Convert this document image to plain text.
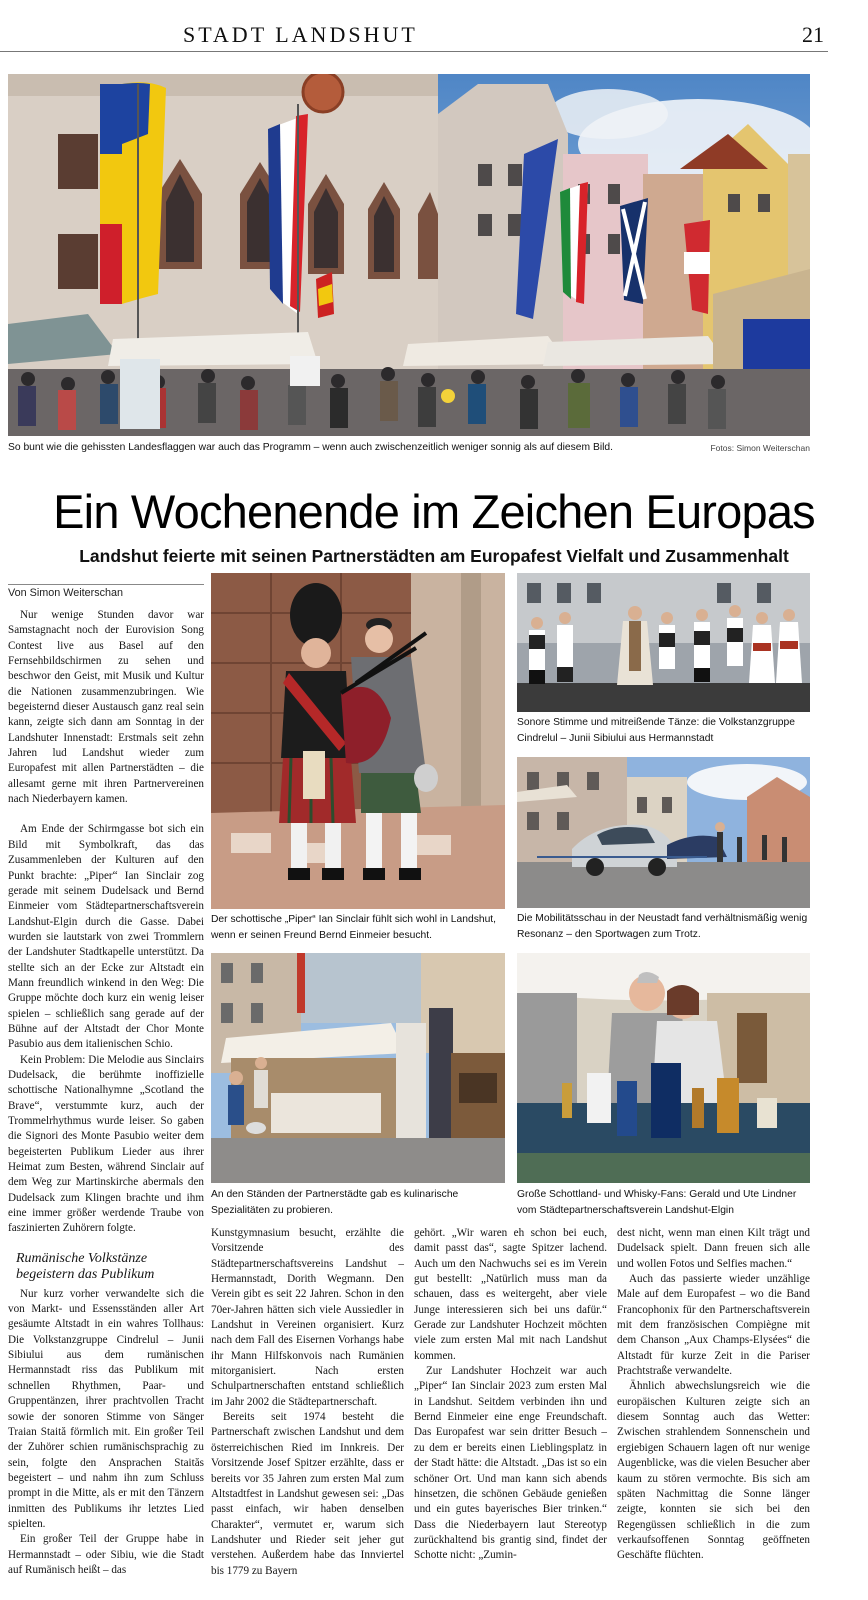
STADT LANDSHUT	21
So bunt wie die gehissten Landesflaggen war auch das Programm – wenn auch zwischenzeitlich weniger sonnig als auf diesem Bild.	Fotos: Simon Weiterschan
Ein Wochenende im Zeichen Europas
Landshut feierte mit seinen Partnerstädten am Europafest Vielfalt und Zusammenhalt
Von Simon Weiterschan

Nur wenige Stunden davor war Samstagnacht noch der Eurovision Song Contest live aus Basel auf den Fernsehbildschirmen zu sehen und beschwor den Geist, mit Musik und Kultur die Nationen zusammenzubringen. Wie begeisternd dieser Austausch ganz real sein kann, zeigte sich dann am Sonntag in der Landshuter Innenstadt: Erstmals seit zehn Jahren lud Landshut wieder zum Europafest mit allen Partnerstädten – die allesamt gerne mit ihren Partnervereinen nach Niederbayern kamen.

Am Ende der Schirmgasse bot sich ein Bild mit Symbolkraft, das das Zusammenleben der Kulturen auf den Punkt brachte: „Piper“ Ian Sinclair zog gerade mit seinem Dudelsack und Bernd Einmeier vom Städtepartnerschaftsverein Landshut-Elgin durch die Gasse. Dabei wurden sie lautstark von zwei Trommlern der Landshuter Stadtkapelle unterstützt. Da stellte sich an der Ecke zur Altstadt ein Mann freundlich winkend in den Weg: Die Gruppe möchte doch kurz ein wenig leiser spielen – schließlich sang gerade auf der Bühne auf der Altstadt der Chor Monte Pasubio aus dem italienischen Schio.

Kein Problem: Die Melodie aus Sinclairs Dudelsack, die berühmte inoffizielle schottische Nationalhymne „Scotland the Brave“, verstummte kurz, auch der Trommelrhythmus wurde leiser. So gaben die Signori des Monte Pasubio weiter dem begeisterten Publikum Lieder aus ihrer Heimat zum Besten, während Sinclair auf dem Weg zur Martinskirche abermals den Dudelsack zum Klingen brachte und ihm eine immer größer werdende Traube von faszinierten Zuhörern folgte.

Rumänische Volkstänze begeistern das Publikum

Nur kurz vorher verwandelte sich die von Markt- und Essensständen aller Art gesäumte Altstadt in ein wahres Tollhaus: Die Volkstanzgruppe Cindrelul – Junii Sibiului aus dem rumänischen Hermannstadt riss das Publikum mit schnellen Rhythmen, Paar- und Gruppentänzen, ihrer prachtvollen Tracht sowie der sonoren Stimme von Sänger Traian Staită förmlich mit. Ein großer Teil der Zuhörer schien rumänischsprachig zu sein, folgte den Ansprachen Staităs begeistert – und nahm ihn zum Schluss prompt in die Mitte, als er mit den Tänzern inmitten des Publikums ihr letztes Lied spielten.

Ein großer Teil der Gruppe habe in Hermannstadt – oder Sibiu, wie die Stadt auf Rumänisch heißt – das

Der schottische „Piper“ Ian Sinclair fühlt sich wohl in Landshut, wenn er seinen Freund Bernd Einmeier besucht.
Sonore Stimme und mitreißende Tänze: die Volkstanzgruppe Cindrelul – Junii Sibiului aus Hermannstadt
Die Mobilitätsschau in der Neustadt fand verhältnismäßig wenig Resonanz – den Sportwagen zum Trotz.
An den Ständen der Partnerstädte gab es kulinarische Spezialitäten zu probieren.
Große Schottland- und Whisky-Fans: Gerald und Ute Lindner vom Städtepartnerschaftsverein Landshut-Elgin

Kunstgymnasium besucht, erzählte die Vorsitzende des Städtepartnerschaftsvereins Landshut – Hermannstadt, Dorith Wegmann. Den Verein gibt es seit 22 Jahren. Schon in den 70er-Jahren hätten sich viele Aussiedler in Landshut in Vereinen organisiert. Kurz nach dem Fall des Eisernen Vorhangs habe ihr Mann Hilfskonvois nach Rumänien mitorganisiert. Nach ersten Schulpartnerschaften entstand schließlich im Jahr 2002 die Städtepartnerschaft.

Bereits seit 1974 besteht die Partnerschaft zwischen Landshut und dem österreichischen Ried im Innkreis. Der Vorsitzende Josef Spitzer erzählte, dass er bereits vor 35 Jahren zum ersten Mal zum Altstadtfest in Landshut gewesen sei: „Das passt einfach, wir haben denselben Charakter“, vermutet er, warum sich Landshuter und Rieder seit jeher gut verstehen. Außerdem habe das Innviertel bis 1779 zu Bayern

gehört. „Wir waren eh schon bei euch, damit passt das“, sagte Spitzer lachend. Auch um den Nachwuchs sei es im Verein gut bestellt: „Natürlich muss man da schauen, dass es weitergeht, aber viele Junge interessieren sich bei uns dafür.“ Gerade zur Landshuter Hochzeit möchten viele zum ersten Mal mit nach Landshut kommen.

Zur Landshuter Hochzeit war auch „Piper“ Ian Sinclair 2023 zum ersten Mal in Landshut. Seitdem verbinden ihn und Bernd Einmeier eine enge Freundschaft. Das Europafest war sein dritter Besuch – zu dem er bereits einen Lieblingsplatz in der Stadt hätte: die Altstadt. „Das ist so ein schöner Ort. Und man kann sich abends hinsetzen, die schönen Gebäude genießen und ein gutes bayerisches Bier trinken.“ Dass die Niederbayern laut Stereotyp zurückhaltend bis grantig sind, findet der Schotte nicht: „Zumin-

dest nicht, wenn man einen Kilt trägt und Dudelsack spielt. Dann freuen sich alle und wollen Fotos und Selfies machen.“

Auch das passierte wieder unzählige Male auf dem Europafest – wo die Band Francophonix für den Partnerschaftsverein mit dem französischen Compiègne mit dem Chanson „Aux Champs-Elysées“ die Altstadt für kurze Zeit in die Pariser Prachtstraße verwandelte.

Ähnlich abwechslungsreich wie die europäischen Kulturen zeigte sich an diesem Sonntag auch das Wetter: Zwischen strahlendem Sonnenschein und ergiebigen Schauern lagen oft nur wenige Augenblicke, was die vielen Besucher aber kaum zu stören vermochte. Bis sich am späten Nachmittag die Sonne länger zeigte, konnten sie sich bei den Regengüssen schließlich in die zum verkaufsoffenen Sonntag geöffneten Geschäfte flüchten.
